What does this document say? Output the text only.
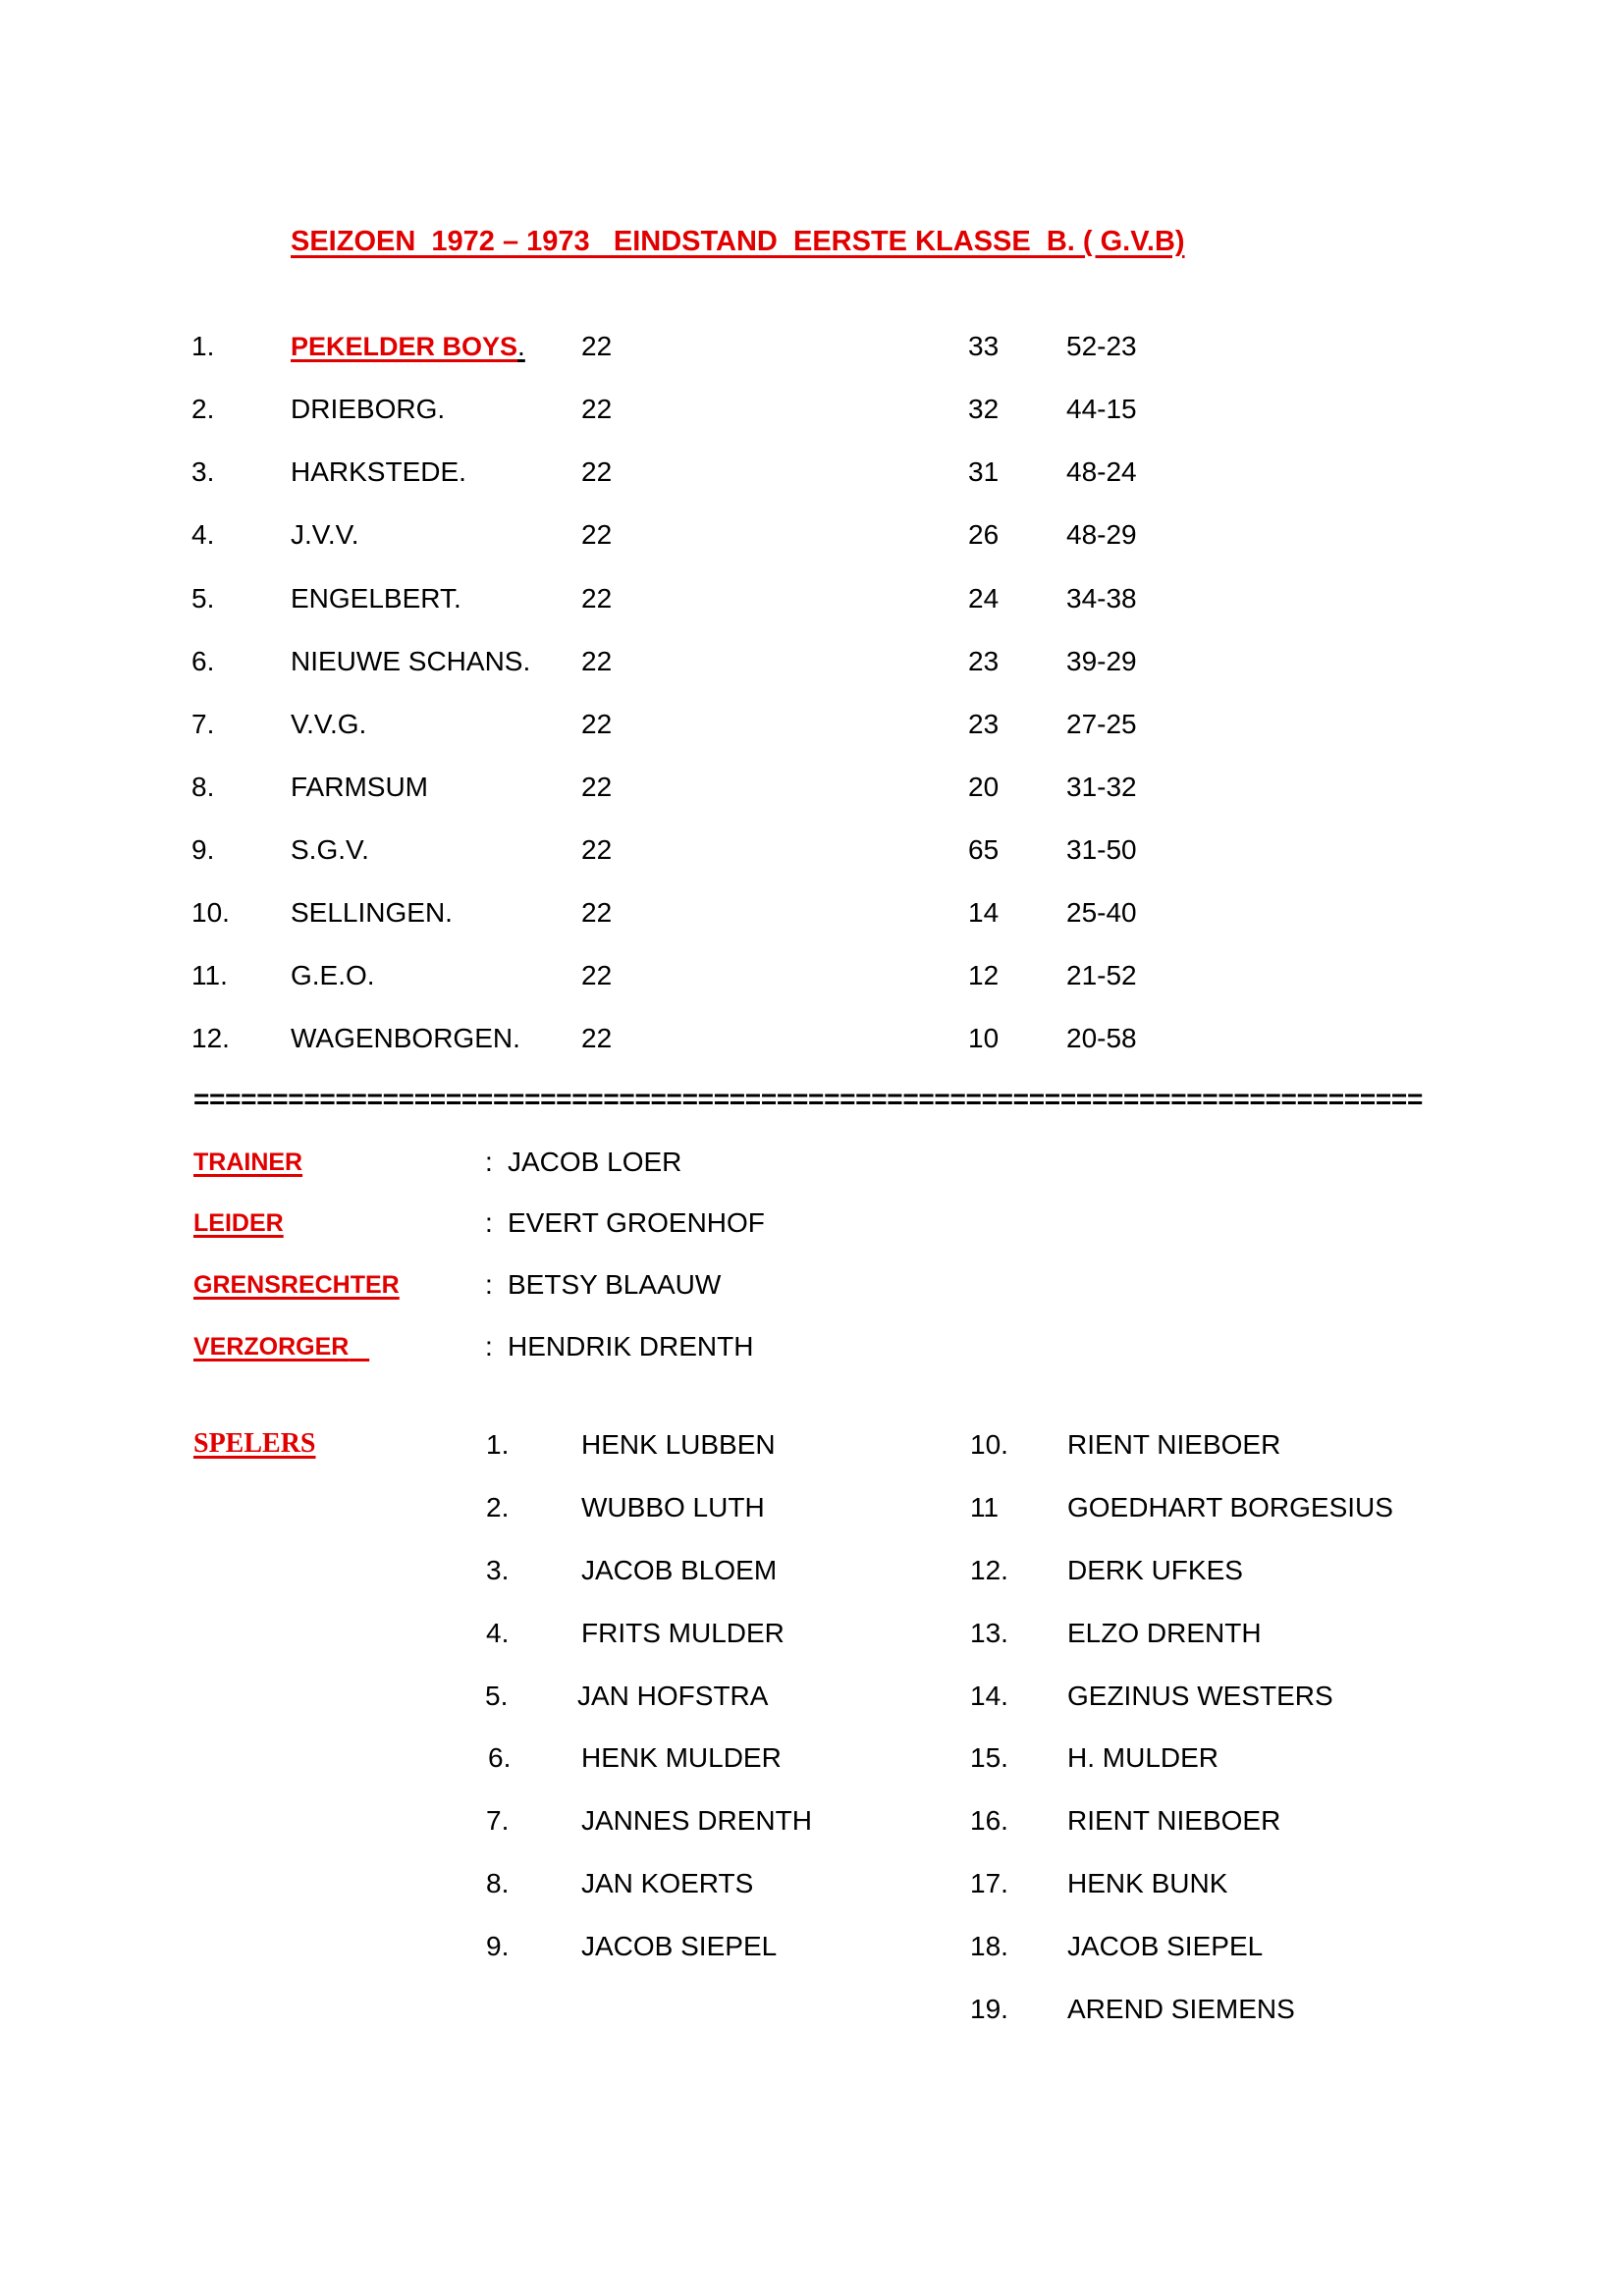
SEIZOEN  1972 – 1973   EINDSTAND  EERSTE KLASSE  B. ( G.V.B)
1.	PEKELDER BOYS. 22	33 52-23
2.	DRIEBORG.	22	32 44-15
3.	HARKSTEDE.	22	31 48-24
4.	J.V.V.	22	26 48-29
5.	ENGELBERT.	22	24 34-38
6.	NIEUWE SCHANS. 22	23 39-29
7.	V.V.G.	22	23 27-25
8.	FARMSUM	22	20 31-32
9.	S.G.V.	22	65 31-50
10. SELLINGEN.	22	14 25-40
11. G.E.O.	22	12 21-52
12. WAGENBORGEN. 22	10 20-58
==============================================================================
TRAINER	: JACOB LOER
LEIDER	: EVERT GROENHOF
GRENSRECHTER	: BETSY BLAAUW
VERZORGER	: HENDRIK DRENTH
SPELERS	1.	HENK LUBBEN
2.	WUBBO LUTH
3.	JACOB BLOEM
4.	FRITS MULDER
5.	JAN HOFSTRA
6.	HENK MULDER
7.	JANNES DRENTH
8.	JAN KOERTS
9.	JACOB SIEPEL
10. RIENT NIEBOER
11 GOEDHART BORGESIUS
12. DERK UFKES
13. ELZO DRENTH
14. GEZINUS WESTERS
15. H. MULDER
16. RIENT NIEBOER
17. HENK BUNK
18. JACOB SIEPEL
19. AREND SIEMENS
